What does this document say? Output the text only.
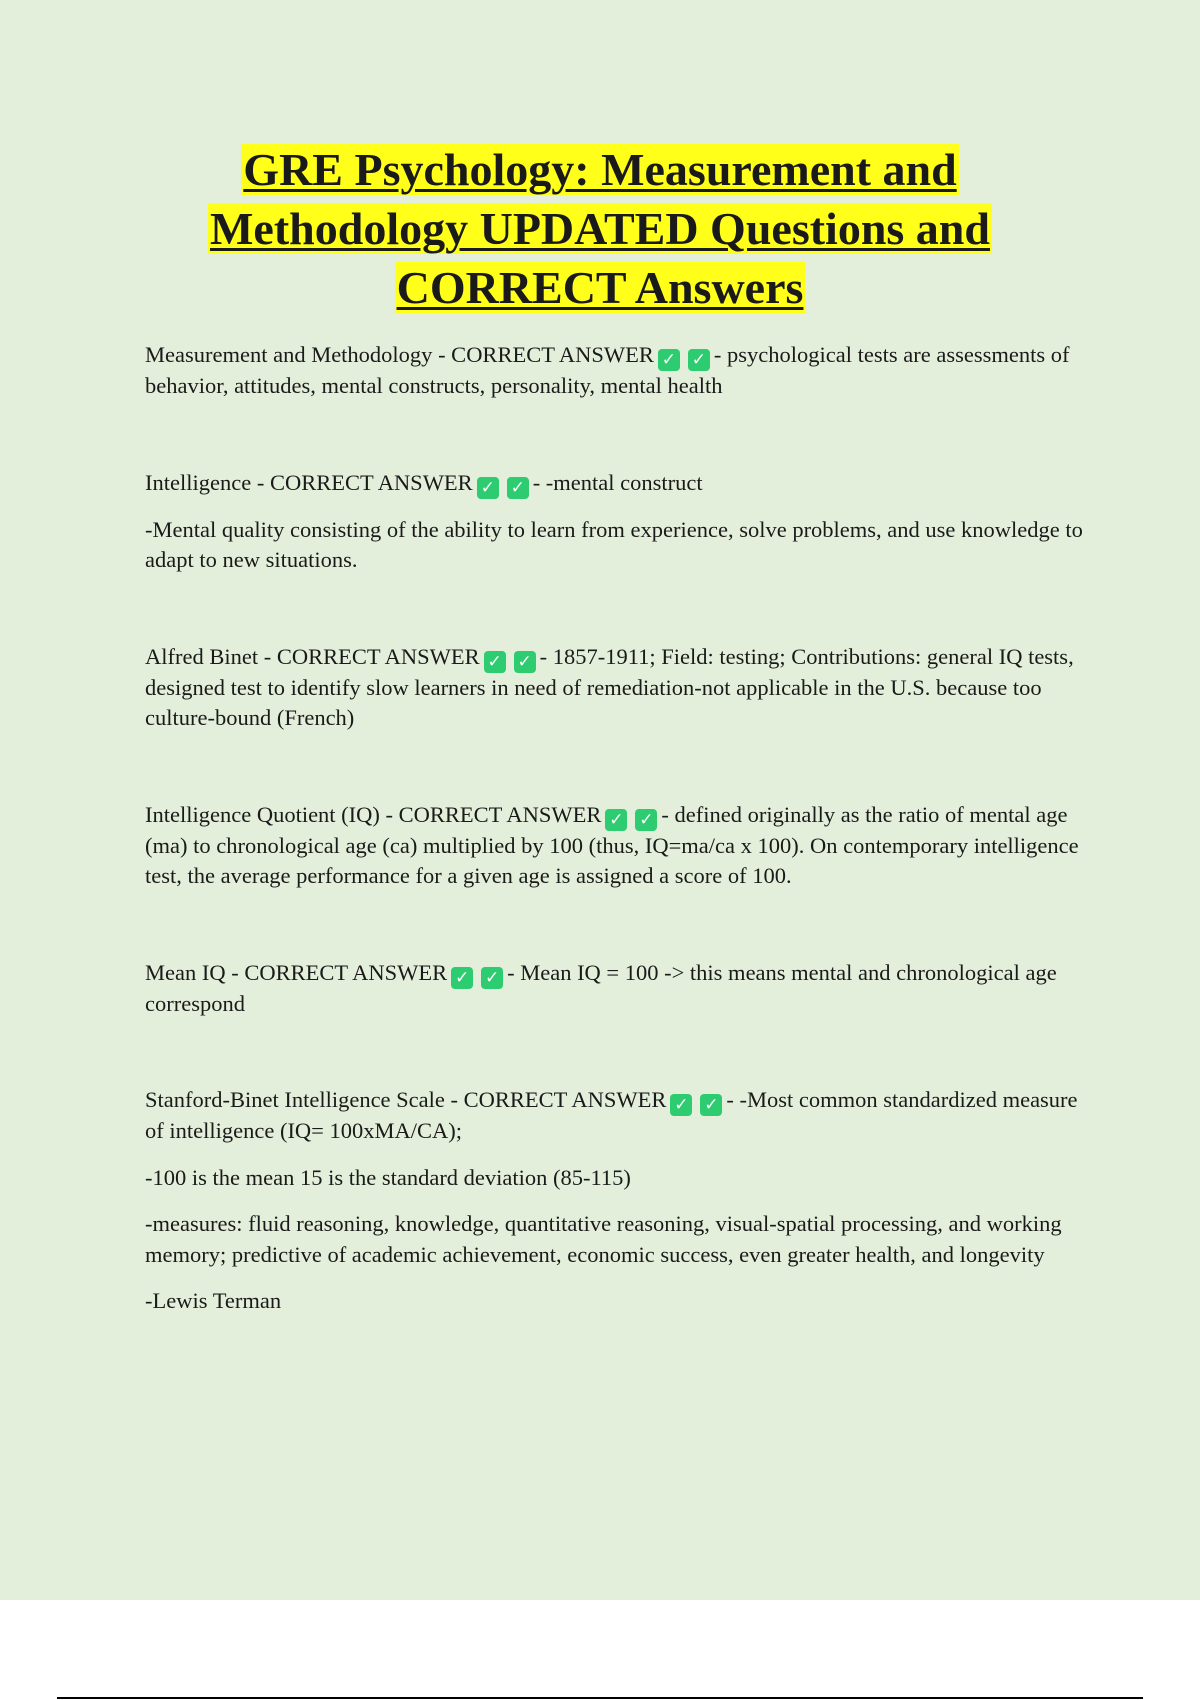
GRE Psychology: Measurement and
Methodology UPDATED Questions and
CORRECT Answers

Measurement and Methodology - CORRECT ANSWER ✓ ✓ - psychological tests are assessments of behavior, attitudes, mental constructs, personality, mental health

Intelligence - CORRECT ANSWER ✓ ✓ - -mental construct

-Mental quality consisting of the ability to learn from experience, solve problems, and use knowledge to adapt to new situations.

Alfred Binet - CORRECT ANSWER ✓ ✓ - 1857-1911; Field: testing; Contributions: general IQ tests, designed test to identify slow learners in need of remediation-not applicable in the U.S. because too culture-bound (French)

Intelligence Quotient (IQ) - CORRECT ANSWER ✓ ✓ - defined originally as the ratio of mental age (ma) to chronological age (ca) multiplied by 100 (thus, IQ=ma/ca x 100). On contemporary intelligence test, the average performance for a given age is assigned a score of 100.

Mean IQ - CORRECT ANSWER ✓ ✓ - Mean IQ = 100 -> this means mental and chronological age correspond

Stanford-Binet Intelligence Scale - CORRECT ANSWER ✓ ✓ - -Most common standardized measure of intelligence (IQ= 100xMA/CA);

-100 is the mean 15 is the standard deviation (85-115)

-measures: fluid reasoning, knowledge, quantitative reasoning, visual-spatial processing, and working memory; predictive of academic achievement, economic success, even greater health, and longevity

-Lewis Terman
